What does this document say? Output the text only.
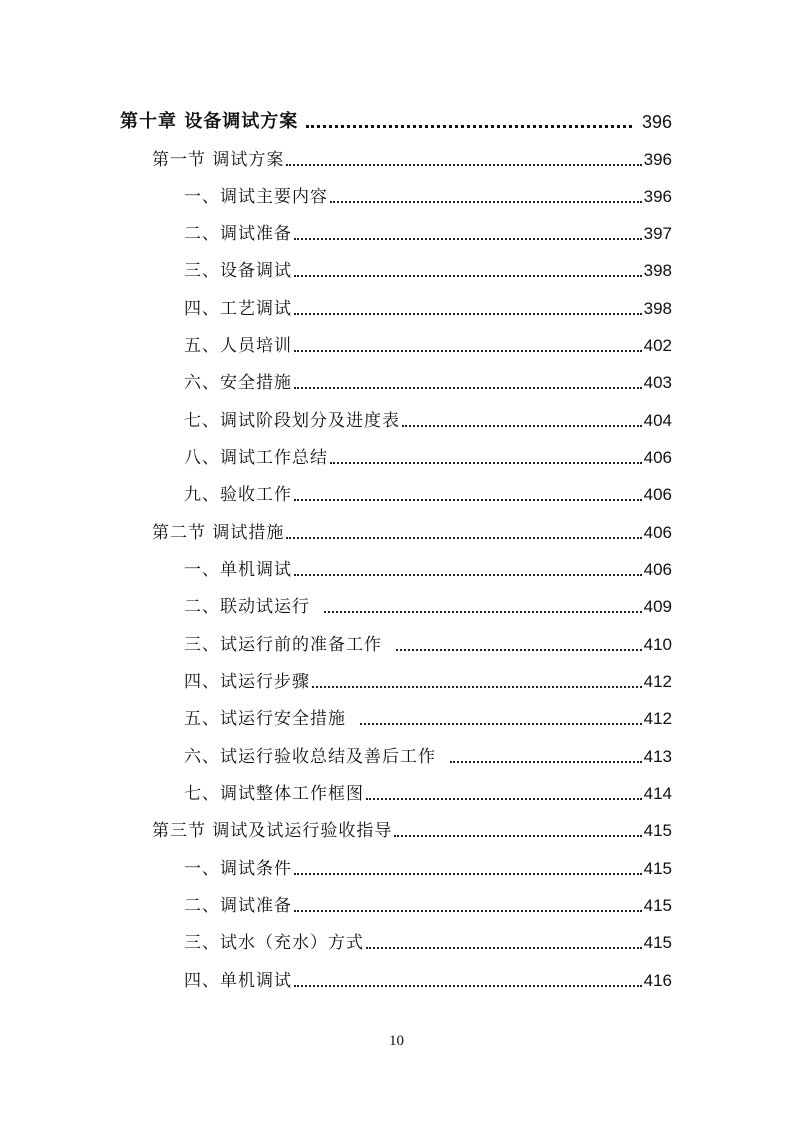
第十章 设备调试方案	396
第一节 调试方案	396
一、调试主要内容	396
二、调试准备	397
三、设备调试	398
四、工艺调试	398
五、人员培训	402
六、安全措施	403
七、调试阶段划分及进度表	404
八、调试工作总结	406
九、验收工作	406
第二节 调试措施	406
一、单机调试	406
二、联动试运行	409
三、试运行前的准备工作	410
四、试运行步骤	412
五、试运行安全措施	412
六、试运行验收总结及善后工作	413
七、调试整体工作框图	414
第三节 调试及试运行验收指导	415
一、调试条件	415
二、调试准备	415
三、试水（充水）方式	415
四、单机调试	416
10
